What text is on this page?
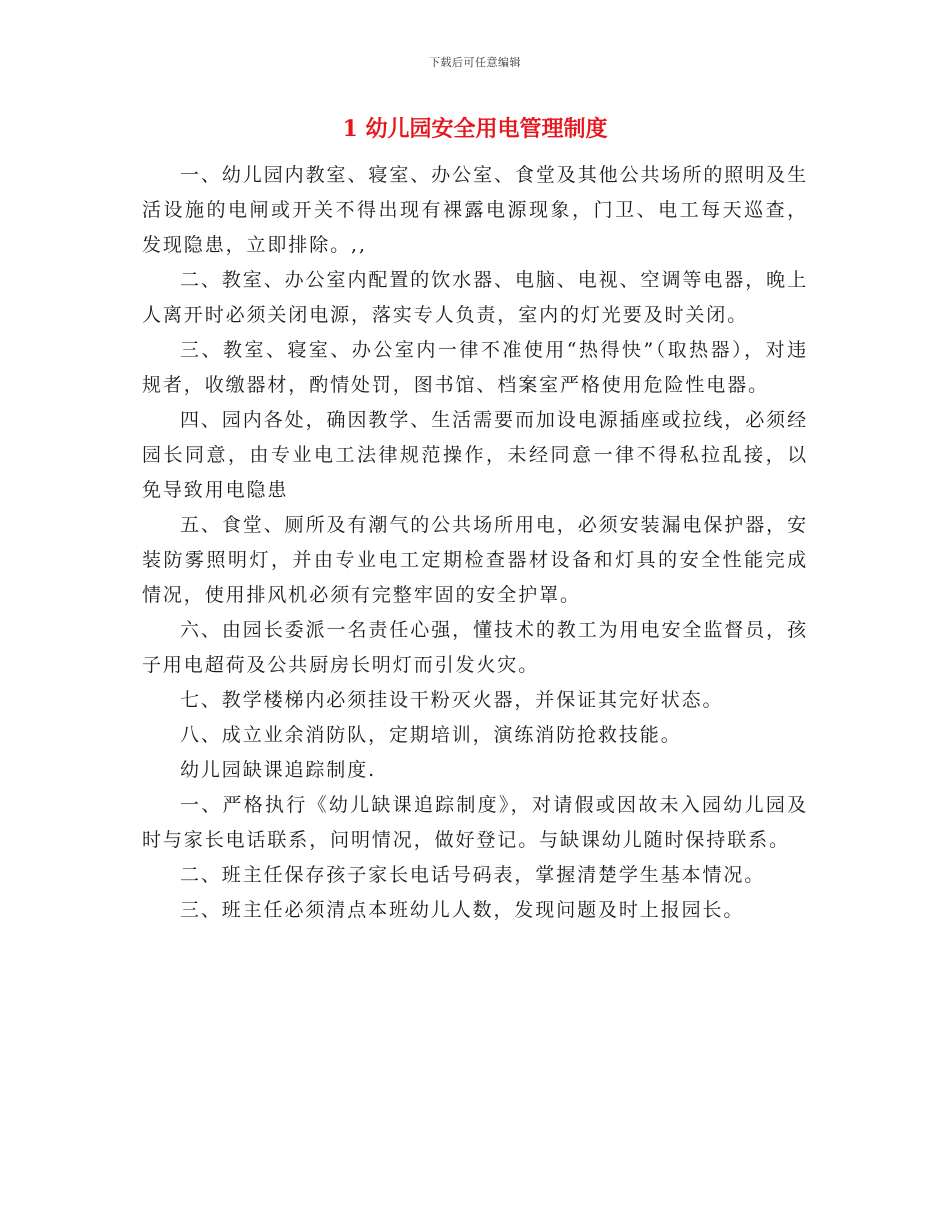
下载后可任意编辑
1 幼儿园安全用电管理制度

一、幼儿园内教室、寝室、办公室、食堂及其他公共场所的照明及生活设施的电闸或开关不得出现有裸露电源现象，门卫、电工每天巡查，发现隐患，立即排除。,,

二、教室、办公室内配置的饮水器、电脑、电视、空调等电器，晚上人离开时必须关闭电源，落实专人负责，室内的灯光要及时关闭。

三、教室、寝室、办公室内一律不准使用“热得快”（取热器），对违规者，收缴器材，酌情处罚，图书馆、档案室严格使用危险性电器。

四、园内各处，确因教学、生活需要而加设电源插座或拉线，必须经园长同意，由专业电工法律规范操作，未经同意一律不得私拉乱接，以免导致用电隐患

五、食堂、厕所及有潮气的公共场所用电，必须安装漏电保护器，安装防雾照明灯，并由专业电工定期检查器材设备和灯具的安全性能完成情况，使用排风机必须有完整牢固的安全护罩。

六、由园长委派一名责任心强，懂技术的教工为用电安全监督员，孩子用电超荷及公共厨房长明灯而引发火灾。

七、教学楼梯内必须挂设干粉灭火器，并保证其完好状态。

八、成立业余消防队，定期培训，演练消防抢救技能。

幼儿园缺课追踪制度.

一、严格执行《幼儿缺课追踪制度》，对请假或因故未入园幼儿园及时与家长电话联系，问明情况，做好登记。与缺课幼儿随时保持联系。

二、班主任保存孩子家长电话号码表，掌握清楚学生基本情况。

三、班主任必须清点本班幼儿人数，发现问题及时上报园长。
